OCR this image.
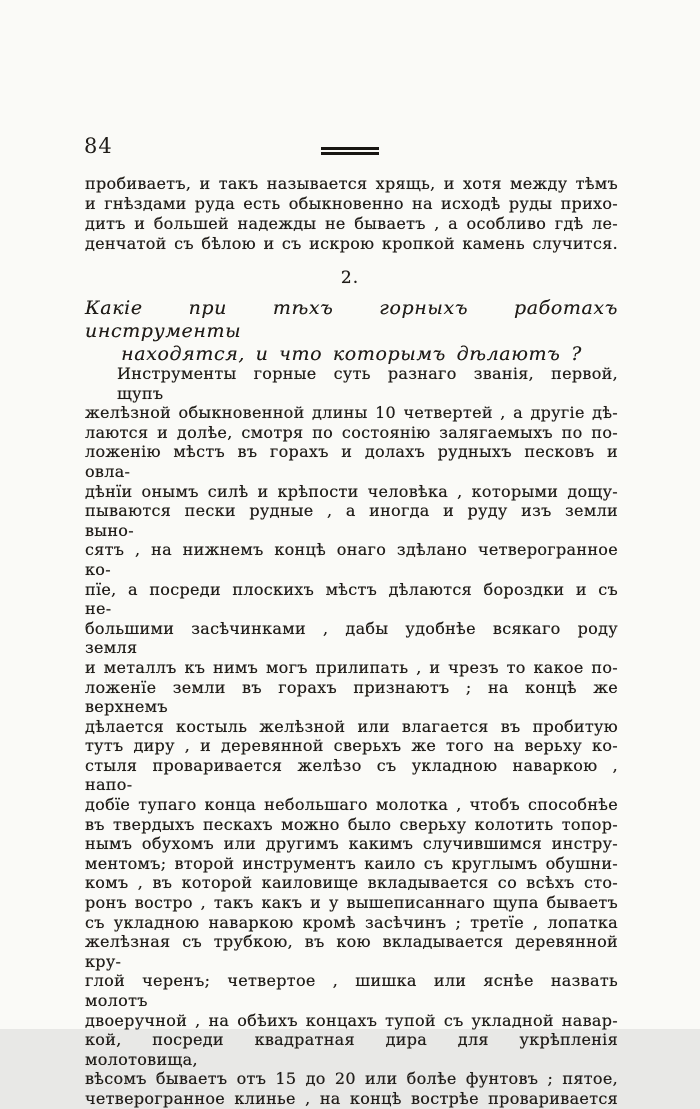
84
пробиваетъ, и такъ называется хрящь, и хотя между тѣмъ
и гнѣздами руда есть обыкновенно на исходѣ руды прихо-
дитъ и большей надежды не бываетъ , а особливо гдѣ ле-
денчатой съ бѣлою и съ искрою кропкой камень случится.
2.
Какіе при тѣхъ горныхъ работахъ инструменты
находятся, и что которымъ дѣлаютъ ?
Инструменты горные суть разнаго званія, первой, щупъ
желѣзной обыкновенной длины 10 четвертей , а другіе дѣ-
лаются и долѣе, смотря по состоянію залягаемыхъ по по-
ложенію мѣстъ въ горахъ и долахъ рудныхъ песковъ и овла-
дѣнїи онымъ силѣ и крѣпости человѣка , которыми дощу-
пываются пески рудные , а иногда и руду изъ земли выно-
сятъ , на нижнемъ концѣ онаго здѣлано четверогранное ко-
пїе, а посреди плоскихъ мѣстъ дѣлаются бороздки и съ не-
большими засѣчинками , дабы удобнѣе всякаго роду земля
и металлъ къ нимъ могъ прилипать , и чрезъ то какое по-
ложенїе земли въ горахъ признаютъ ; на концѣ же верхнемъ
дѣлается костыль желѣзной или влагается въ пробитую
тутъ диру , и деревянной сверьхъ же того на верьху ко-
стыля проваривается желѣзо съ укладною наваркою , напо-
добїе тупаго конца небольшаго молотка , чтобъ способнѣе
въ твердыхъ пескахъ можно было сверьху колотить топор-
нымъ обухомъ или другимъ какимъ случившимся инстру-
ментомъ; второй инструментъ каило съ круглымъ обушни-
комъ , въ которой каиловище вкладывается со всѣхъ сто-
ронъ востро , такъ какъ и у вышеписаннаго щупа бываетъ
съ укладною наваркою кромѣ засѣчинъ ; третїе , лопатка
желѣзная съ трубкою, въ кою вкладывается деревянной кру-
глой черенъ; четвертое , шишка или яснѣе назвать молотъ
двоеручной , на обѣихъ концахъ тупой съ укладной навар-
кой, посреди квадратная дира для укрѣпленія молотовища,
вѣсомъ бываетъ отъ 15 до 20 или болѣе фунтовъ ; пятое,
четверогранное клинье , на концѣ вострѣе проваривается
